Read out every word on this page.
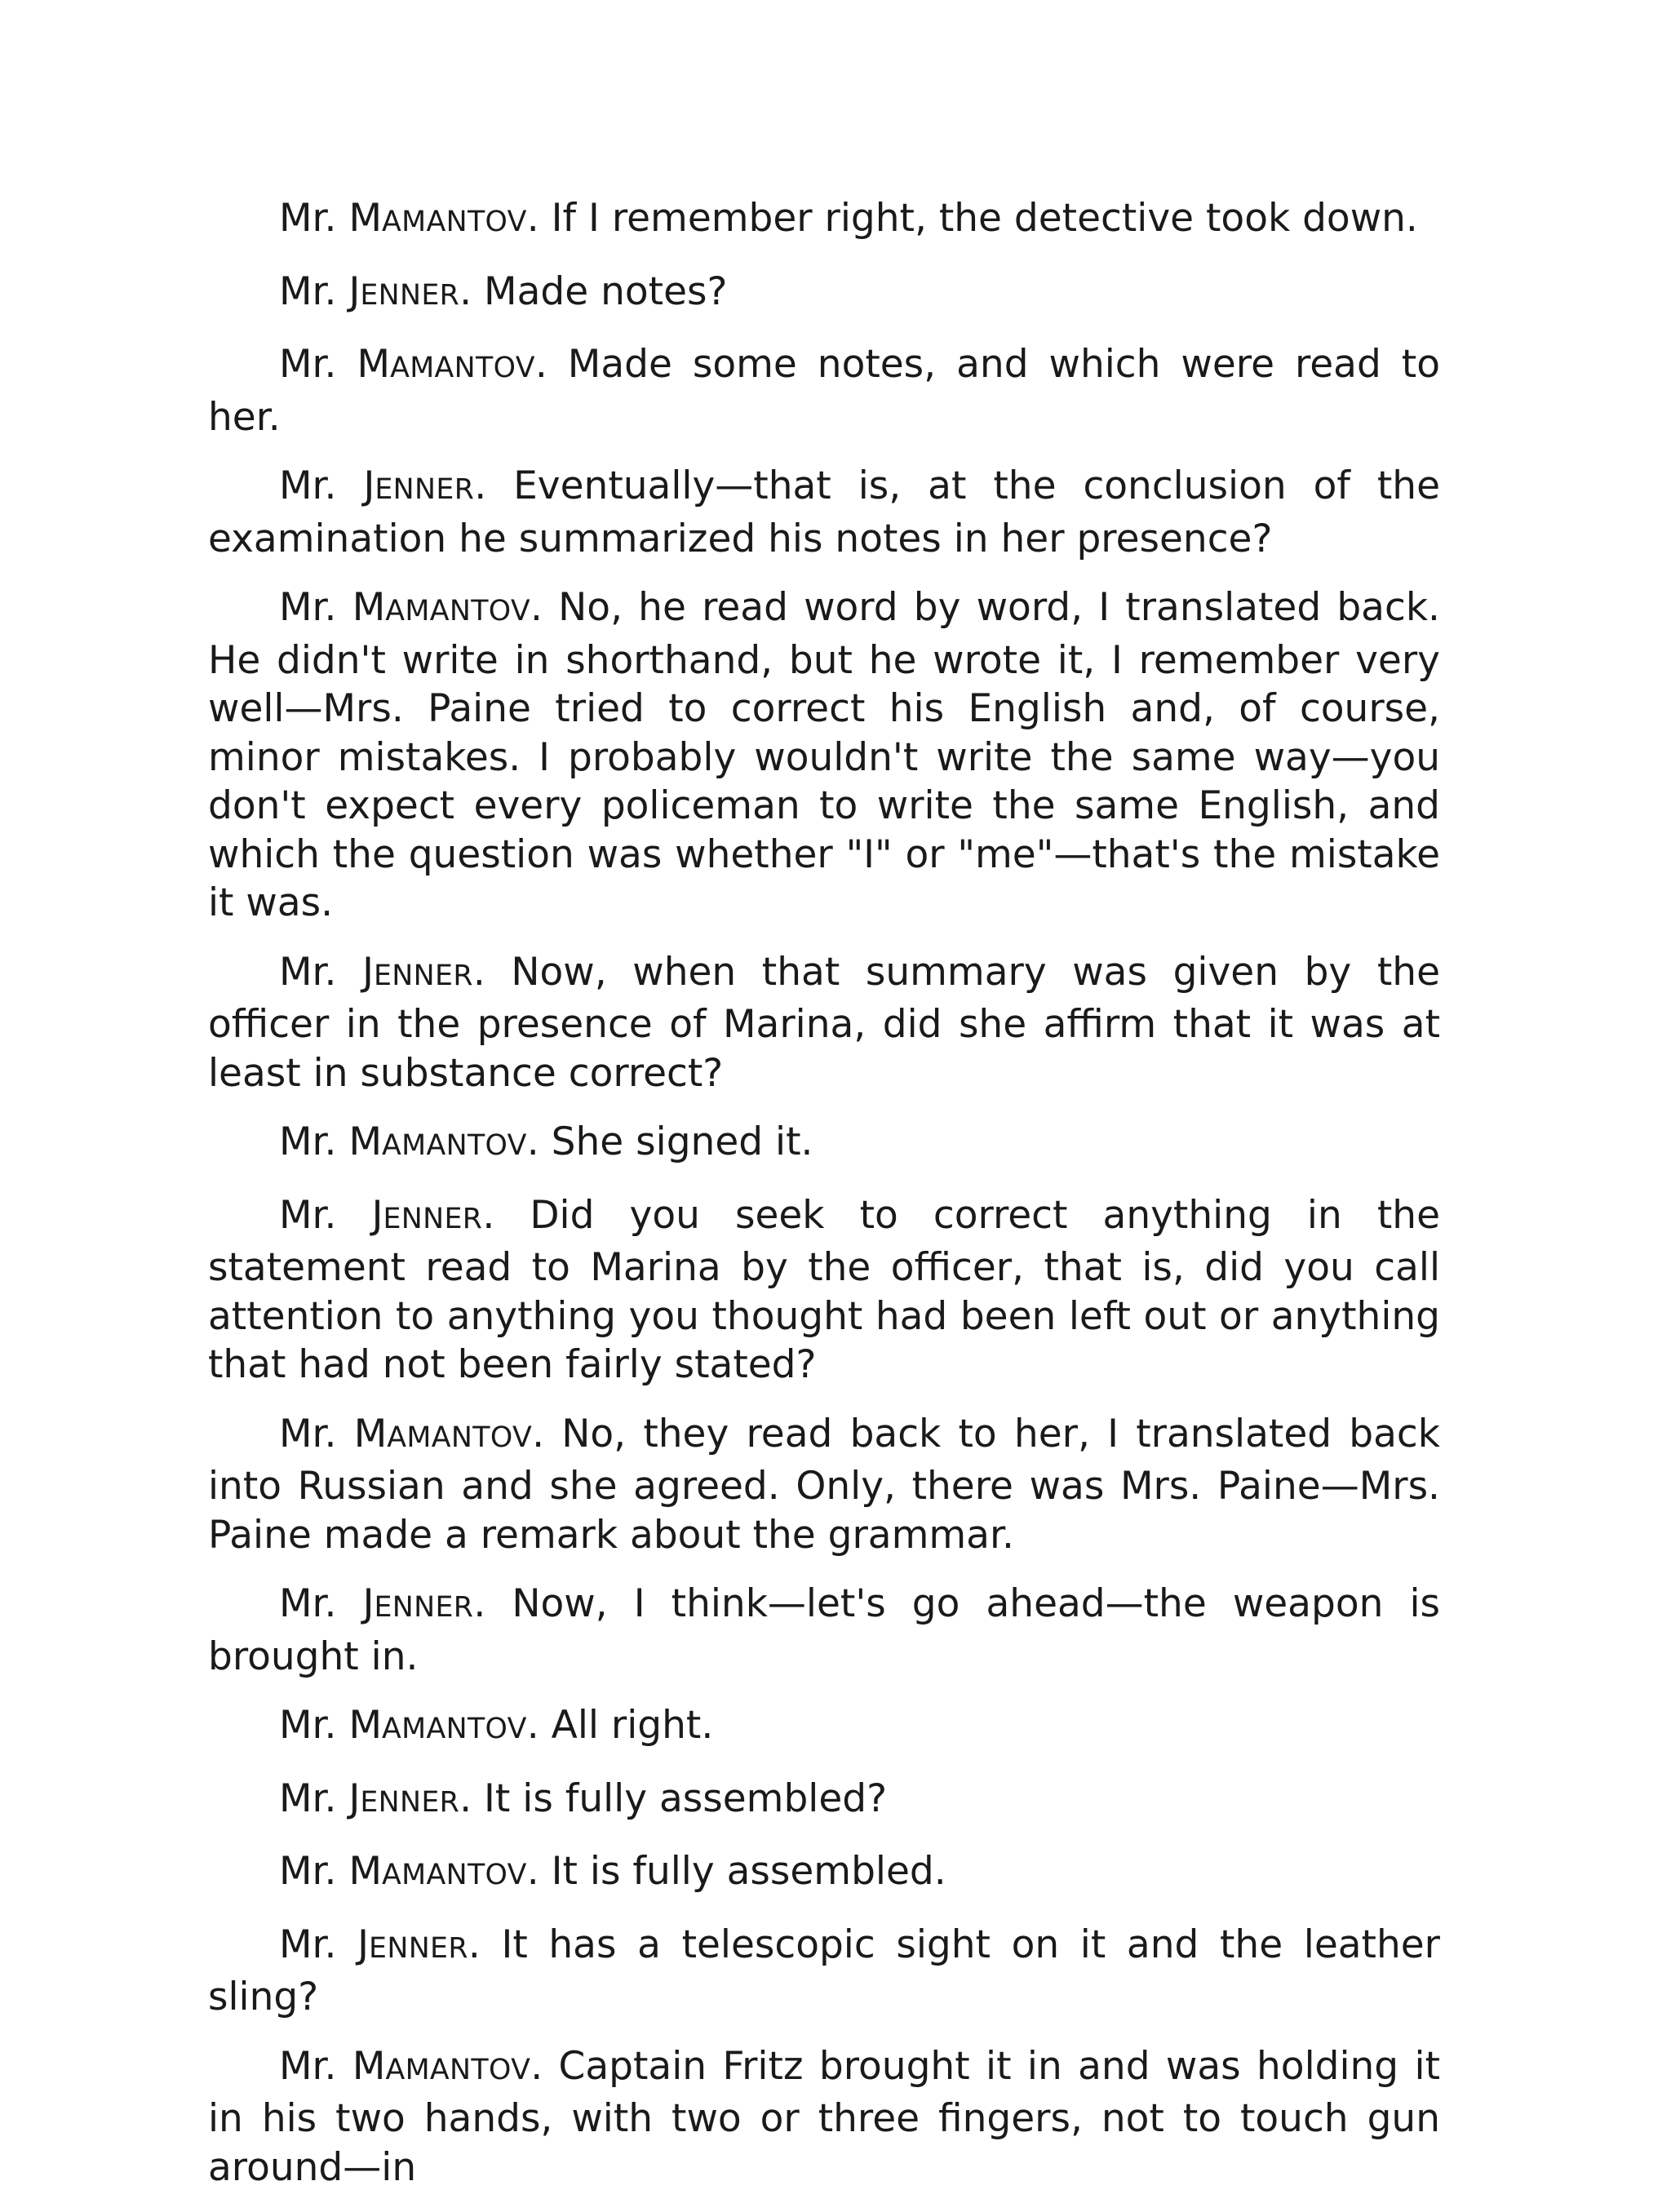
Mr. MAMANTOV. If I remember right, the detective took down.

Mr. JENNER. Made notes?

Mr. MAMANTOV. Made some notes, and which were read to her.

Mr. JENNER. Eventually—that is, at the conclusion of the examination he summarized his notes in her presence?

Mr. MAMANTOV. No, he read word by word, I translated back. He didn't write in shorthand, but he wrote it, I remember very well—Mrs. Paine tried to correct his English and, of course, minor mistakes. I probably wouldn't write the same way—you don't expect every policeman to write the same English, and which the question was whether "I" or "me"—that's the mistake it was.

Mr. JENNER. Now, when that summary was given by the officer in the presence of Marina, did she affirm that it was at least in substance correct?

Mr. MAMANTOV. She signed it.

Mr. JENNER. Did you seek to correct anything in the statement read to Marina by the officer, that is, did you call attention to anything you thought had been left out or anything that had not been fairly stated?

Mr. MAMANTOV. No, they read back to her, I translated back into Russian and she agreed. Only, there was Mrs. Paine—Mrs. Paine made a remark about the grammar.

Mr. JENNER. Now, I think—let's go ahead—the weapon is brought in.

Mr. MAMANTOV. All right.

Mr. JENNER. It is fully assembled?

Mr. MAMANTOV. It is fully assembled.

Mr. JENNER. It has a telescopic sight on it and the leather sling?

Mr. MAMANTOV. Captain Fritz brought it in and was holding it in his two hands, with two or three fingers, not to touch gun around—in
